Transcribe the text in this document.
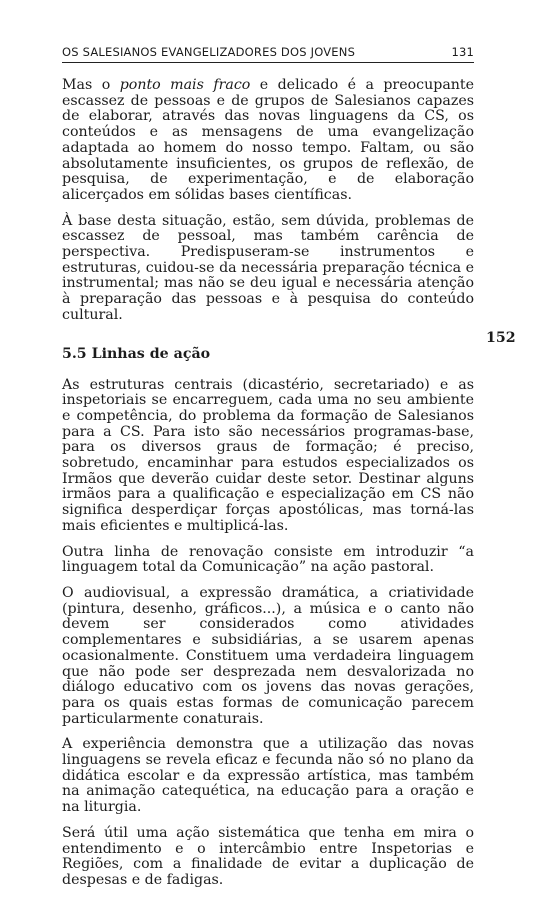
OS SALESIANOS EVANGELIZADORES DOS JOVENS	131
152

Mas o ponto mais fraco e delicado é a preocupante escassez de pessoas e de grupos de Salesianos capazes de elaborar, através das novas linguagens da CS, os conteúdos e as mensagens de uma evangelização adaptada ao homem do nosso tempo. Faltam, ou são absolutamente insuficientes, os grupos de reflexão, de pesquisa, de experimentação, e de elaboração alicerçados em sólidas bases científicas.

À base desta situação, estão, sem dúvida, problemas de escassez de pessoal, mas também carência de perspectiva. Predispuseram-se instrumentos e estruturas, cuidou-se da necessária preparação técnica e instrumental; mas não se deu igual e necessária atenção à preparação das pessoas e à pesquisa do conteúdo cultural.

5.5 Linhas de ação

As estruturas centrais (dicastério, secretariado) e as inspetoriais se encarreguem, cada uma no seu ambiente e competência, do problema da formação de Salesianos para a CS. Para isto são necessários programas-base, para os diversos graus de formação; é preciso, sobretudo, encaminhar para estudos especializados os Irmãos que deverão cuidar deste setor. Destinar alguns irmãos para a qualificação e especialização em CS não significa desperdiçar forças apostólicas, mas torná-las mais eficientes e multiplicá-las.

Outra linha de renovação consiste em introduzir “a linguagem total da Comunicação” na ação pastoral.

O audiovisual, a expressão dramática, a criatividade (pintura, desenho, gráficos...), a música e o canto não devem ser considerados como atividades complementares e subsidiárias, a se usarem apenas ocasionalmente. Constituem uma verdadeira linguagem que não pode ser desprezada nem desvalorizada no diálogo educativo com os jovens das novas gerações, para os quais estas formas de comunicação parecem particularmente conaturais.

A experiência demonstra que a utilização das novas linguagens se revela eficaz e fecunda não só no plano da didática escolar e da expressão artística, mas também na animação catequética, na educação para a oração e na liturgia.

Será útil uma ação sistemática que tenha em mira o entendimento e o intercâmbio entre Inspetorias e Regiões, com a finalidade de evitar a duplicação de despesas e de fadigas.
